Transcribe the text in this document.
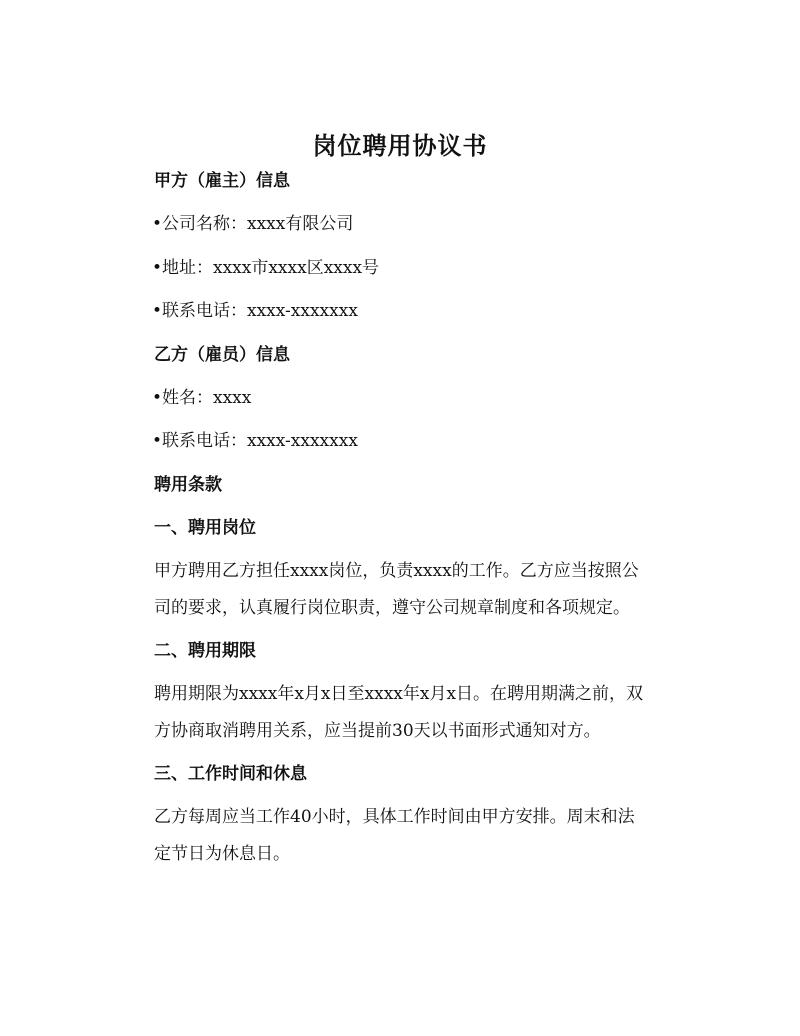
岗位聘用协议书
甲方（雇主）信息
•公司名称：xxxx有限公司
•地址：xxxx市xxxx区xxxx号
•联系电话：xxxx-xxxxxxx
乙方（雇员）信息
•姓名：xxxx
•联系电话：xxxx-xxxxxxx
聘用条款
一、聘用岗位
甲方聘用乙方担任xxxx岗位，负责xxxx的工作。乙方应当按照公
司的要求，认真履行岗位职责，遵守公司规章制度和各项规定。
二、聘用期限
聘用期限为xxxx年x月x日至xxxx年x月x日。在聘用期满之前，双
方协商取消聘用关系，应当提前30天以书面形式通知对方。
三、工作时间和休息
乙方每周应当工作40小时，具体工作时间由甲方安排。周末和法
定节日为休息日。
